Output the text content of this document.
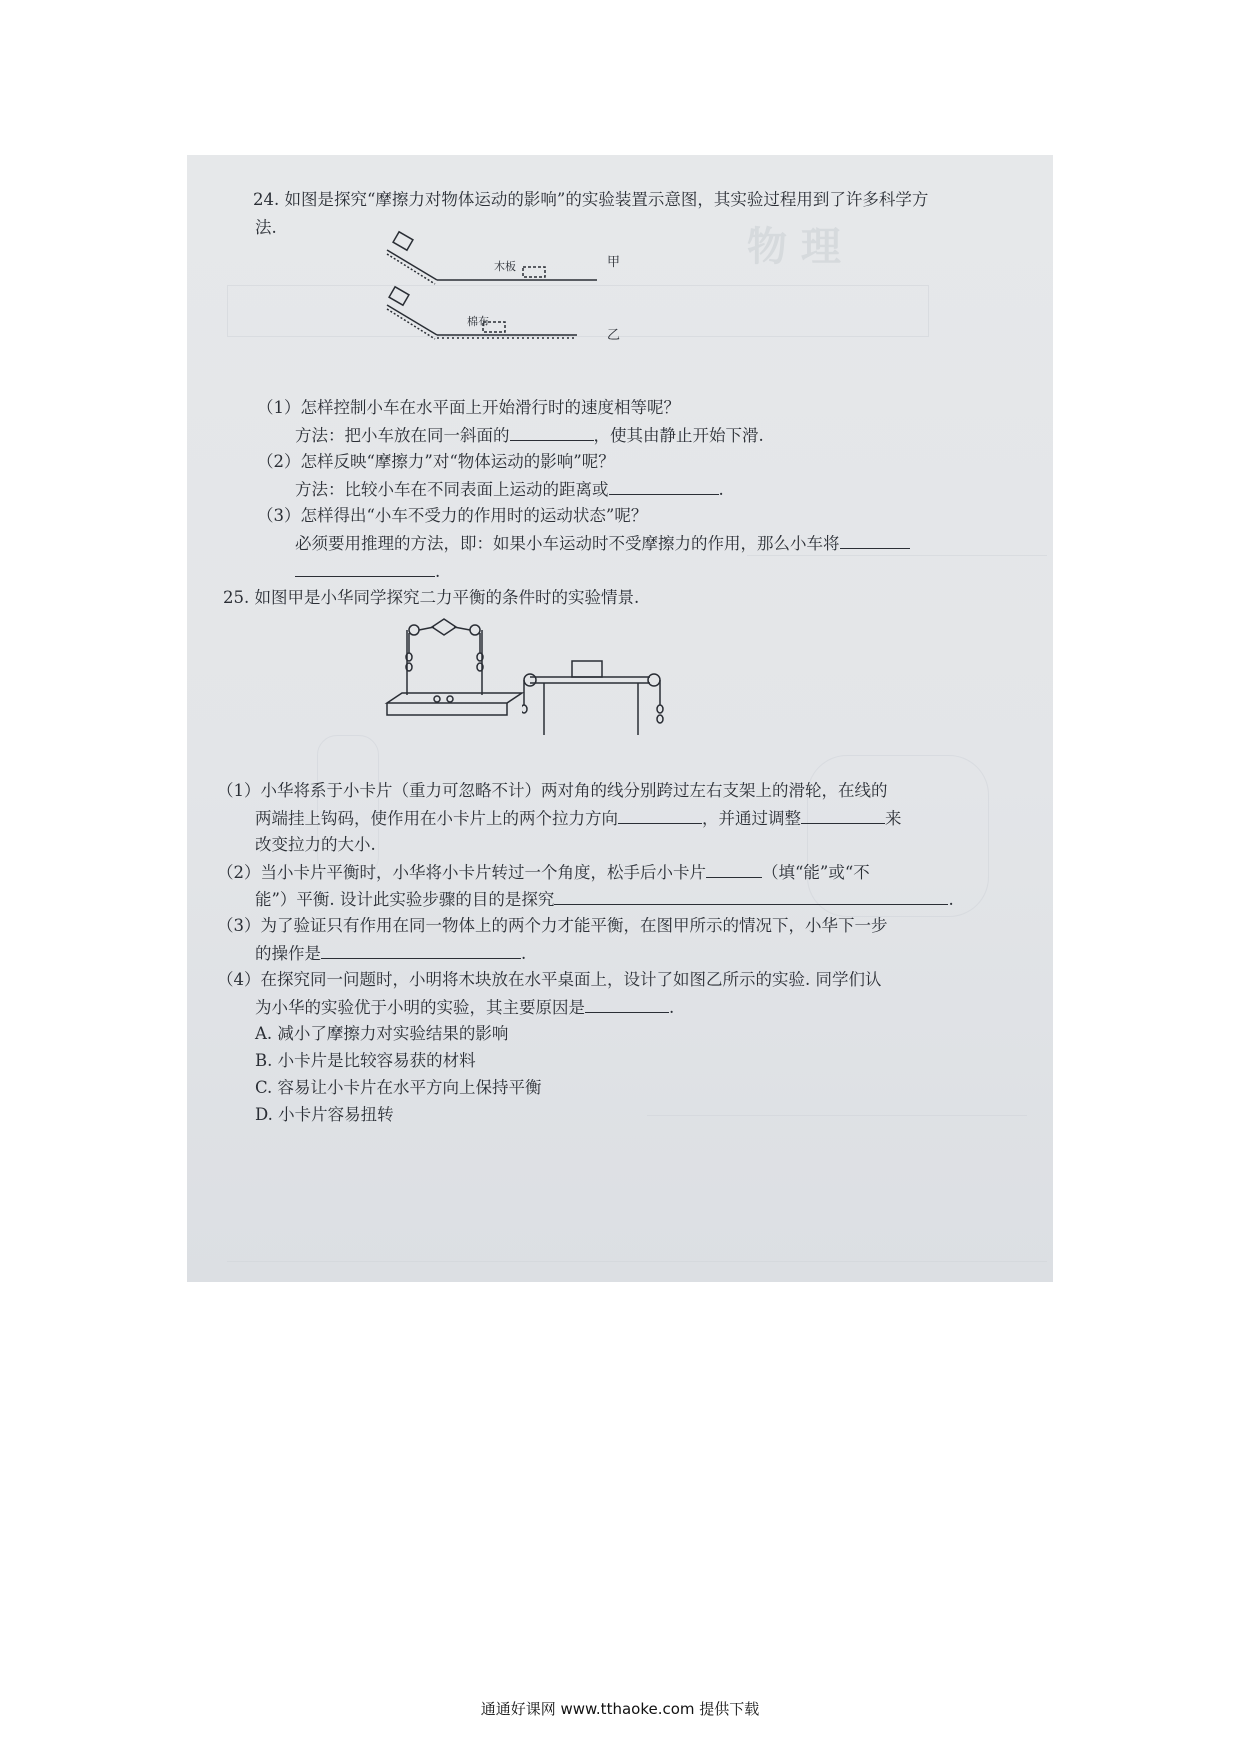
物 理
24. 如图是探究“摩擦力对物体运动的影响”的实验装置示意图，其实验过程用到了许多科学方
法.
木板	甲
棉布
乙
（1）怎样控制小车在水平面上开始滑行时的速度相等呢？
方法：把小车放在同一斜面的	，使其由静止开始下滑.
（2）怎样反映“摩擦力”对“物体运动的影响”呢？
方法：比较小车在不同表面上运动的距离或	.
（3）怎样得出“小车不受力的作用时的运动状态”呢？
必须要用推理的方法，即：如果小车运动时不受摩擦力的作用，那么小车将
.
25. 如图甲是小华同学探究二力平衡的条件时的实验情景.
（1）小华将系于小卡片（重力可忽略不计）两对角的线分别跨过左右支架上的滑轮，在线的
两端挂上钩码，使作用在小卡片上的两个拉力方向	，并通过调整	来
改变拉力的大小.
（2）当小卡片平衡时，小华将小卡片转过一个角度，松手后小卡片	（填“能”或“不
能”）平衡. 设计此实验步骤的目的是探究	.
（3）为了验证只有作用在同一物体上的两个力才能平衡，在图甲所示的情况下，小华下一步
的操作是	.
（4）在探究同一问题时，小明将木块放在水平桌面上，设计了如图乙所示的实验. 同学们认
为小华的实验优于小明的实验，其主要原因是	.
A. 减小了摩擦力对实验结果的影响
B. 小卡片是比较容易获的材料
C. 容易让小卡片在水平方向上保持平衡
D. 小卡片容易扭转
通通好课网 www.tthaoke.com 提供下载
